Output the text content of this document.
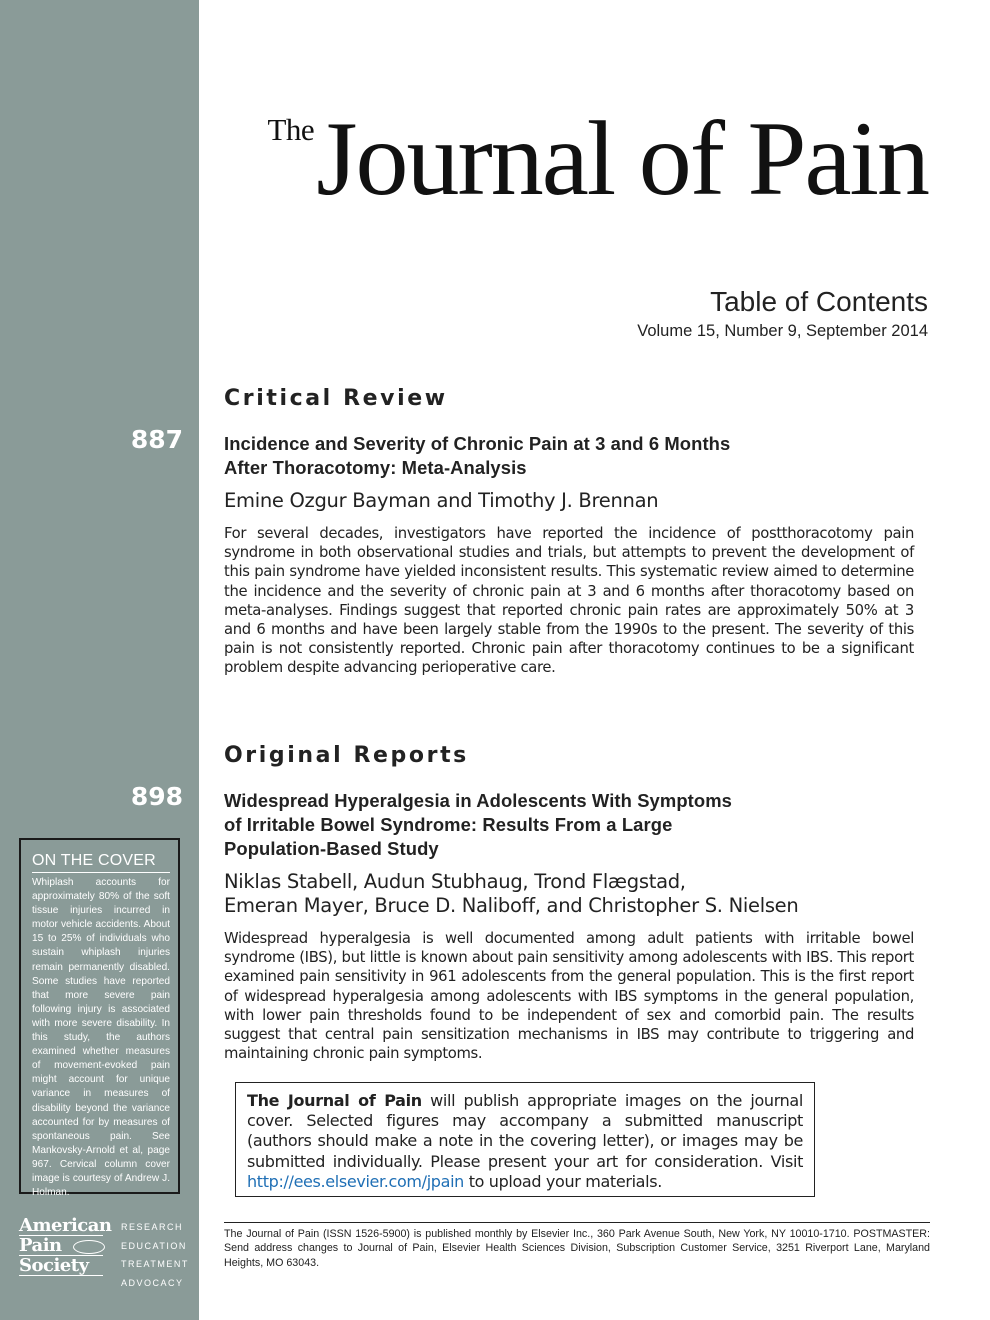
887
898
ON THE COVER
Whiplash accounts for approximately 80% of the soft tissue injuries incurred in motor vehicle accidents. About 15 to 25% of individuals who sustain whiplash injuries remain permanently disabled. Some studies have reported that more severe pain following injury is associated with more severe disability. In this study, the authors examined whether measures of movement-evoked pain might account for unique variance in measures of disability beyond the variance accounted for by measures of spontaneous pain. See Mankovsky-Arnold et al, page 967. Cervical column cover image is courtesy of Andrew J. Holman.
American
Pain
Society
RESEARCH
EDUCATION
TREATMENT
ADVOCACY
TheJournal of Pain
Table of Contents
Volume 15, Number 9, September 2014
Critical Review
Incidence and Severity of Chronic Pain at 3 and 6 Months
After Thoracotomy: Meta-Analysis
Emine Ozgur Bayman and Timothy J. Brennan
For several decades, investigators have reported the incidence of postthoracotomy pain syndrome in both observational studies and trials, but attempts to prevent the development of this pain syndrome have yielded inconsistent results. This systematic review aimed to determine the incidence and the severity of chronic pain at 3 and 6 months after thoracotomy based on meta-analyses. Findings suggest that reported chronic pain rates are approximately 50% at 3 and 6 months and have been largely stable from the 1990s to the present. The severity of this pain is not consistently reported. Chronic pain after thoracotomy continues to be a significant problem despite advancing perioperative care.
Original Reports
Widespread Hyperalgesia in Adolescents With Symptoms
of Irritable Bowel Syndrome: Results From a Large
Population-Based Study
Niklas Stabell, Audun Stubhaug, Trond Flægstad,
Emeran Mayer, Bruce D. Naliboff, and Christopher S. Nielsen
Widespread hyperalgesia is well documented among adult patients with irritable bowel syndrome (IBS), but little is known about pain sensitivity among adolescents with IBS. This report examined pain sensitivity in 961 adolescents from the general population. This is the first report of widespread hyperalgesia among adolescents with IBS symptoms in the general population, with lower pain thresholds found to be independent of sex and comorbid pain. The results suggest that central pain sensitization mechanisms in IBS may contribute to triggering and maintaining chronic pain symptoms.
The Journal of Pain will publish appropriate images on the journal cover. Selected figures may accompany a submitted manuscript (authors should make a note in the covering letter), or images may be submitted individually. Please present your art for consideration. Visit http://ees.elsevier.com/jpain to upload your materials.
The Journal of Pain (ISSN 1526-5900) is published monthly by Elsevier Inc., 360 Park Avenue South, New York, NY 10010-1710. POSTMASTER: Send address changes to Journal of Pain, Elsevier Health Sciences Division, Subscription Customer Service, 3251 Riverport Lane, Maryland Heights, MO 63043.
